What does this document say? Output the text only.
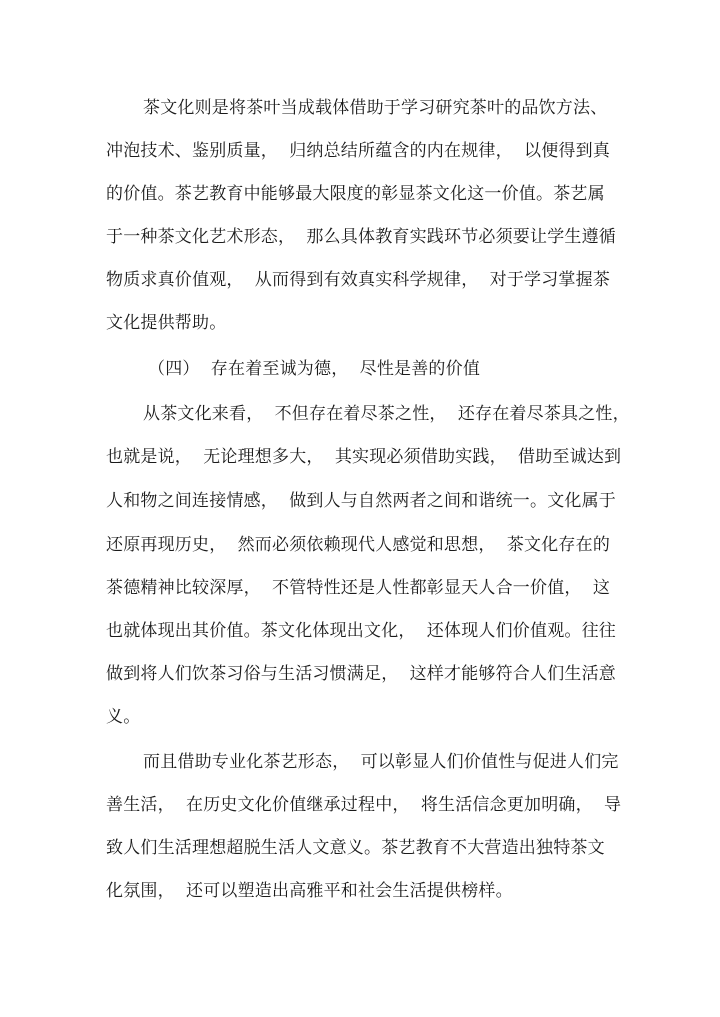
茶文化则是将茶叶当成载体借助于学习研究茶叶的品饮方法、
冲泡技术、鉴别质量，  归纳总结所蕴含的内在规律，  以便得到真
的价值。茶艺教育中能够最大限度的彰显茶文化这一价值。茶艺属
于一种茶文化艺术形态，  那么具体教育实践环节必须要让学生遵循
物质求真价值观，  从而得到有效真实科学规律，  对于学习掌握茶
文化提供帮助。
（四）  存在着至诚为德，  尽性是善的价值
从茶文化来看，  不但存在着尽茶之性，  还存在着尽茶具之性，
也就是说，  无论理想多大，  其实现必须借助实践，  借助至诚达到
人和物之间连接情感，  做到人与自然两者之间和谐统一。文化属于
还原再现历史，  然而必须依赖现代人感觉和思想，  茶文化存在的
茶德精神比较深厚，  不管特性还是人性都彰显天人合一价值，  这
也就体现出其价值。茶文化体现出文化，  还体现人们价值观。往往
做到将人们饮茶习俗与生活习惯满足，  这样才能够符合人们生活意
义。
而且借助专业化茶艺形态，  可以彰显人们价值性与促进人们完
善生活，  在历史文化价值继承过程中，  将生活信念更加明确，  导
致人们生活理想超脱生活人文意义。茶艺教育不大营造出独特茶文
化氛围，  还可以塑造出高雅平和社会生活提供榜样。
